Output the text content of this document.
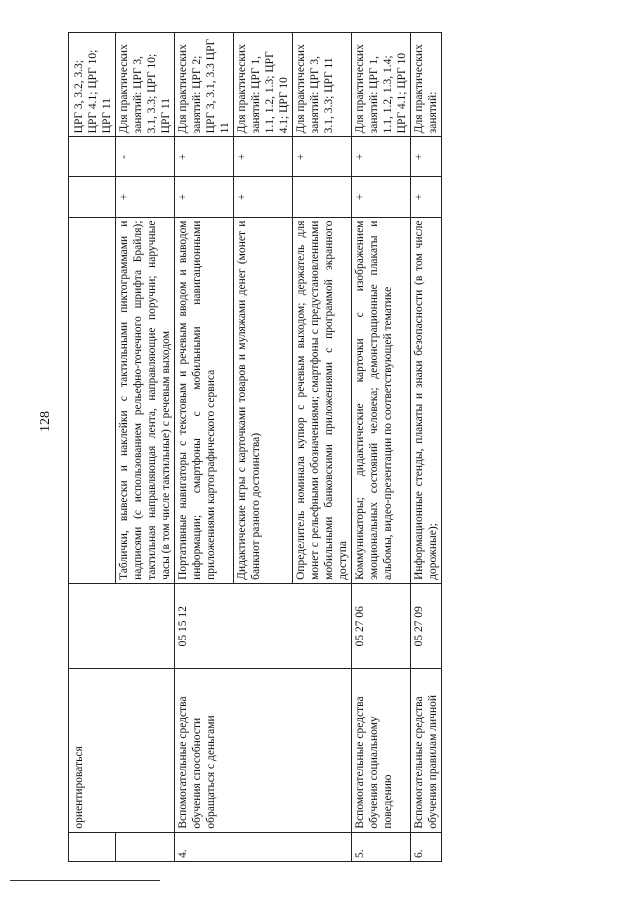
128
	ориентироваться					ЦРГ 3, 3.2, 3.3; ЦРГ 4.1; ЦРГ 10; ЦРГ 11
			Таблички, вывески и наклейки с тактильными пиктограммами и надписями (с использованием рельефно-точечного шрифта Брайля); тактильная направляющая лента, направляющие поручни; наручные часы (в том числе тактильные) с речевым выходом	+	-	Для практических занятий: ЦРГ 3, 3.1, 3.3; ЦРГ 10; ЦРГ 11
4.	Вспомогательные средства обучения способности обращаться с деньгами	05 15 12	Портативные навигаторы с текстовым и речевым вводом и выводом информации; смартфоны с мобильными навигационными приложениями картографического сервиса	+	+	Для практических занятий: ЦРГ 2; ЦРГ 3, 3.1, 3.3 ЦРГ 11
			Дидактические игры с карточками товаров и муляжами денег (монет и банкнот разного достоинства)	+	+	Для практических занятий: ЦРГ 1, 1.1, 1.2, 1.3; ЦРГ 4.1; ЦРГ 10
			Определитель номинала купюр с речевым выходом; держатель для монет с рельефными обозначениями; смартфоны с предустановленными мобильными банковскими приложениями с программой экранного доступа		+	Для практических занятий: ЦРГ 3, 3.1, 3.3; ЦРГ 11
5.	Вспомогательные средства обучения социальному поведению	05 27 06	Коммуникаторы; дидактические карточки с изображением эмоциональных состояний человека; демонстрационные плакаты и альбомы, видео-презентации по соответствующей тематике	+	+	Для практических занятий: ЦРГ 1, 1.1, 1.2, 1.3, 1.4; ЦРГ 4.1; ЦРГ 10
6.	Вспомогательные средства обучения правилам личной	05 27 09	Информационные стенды, плакаты и знаки безопасности (в том числе дорожные);	+	+	Для практических занятий:
